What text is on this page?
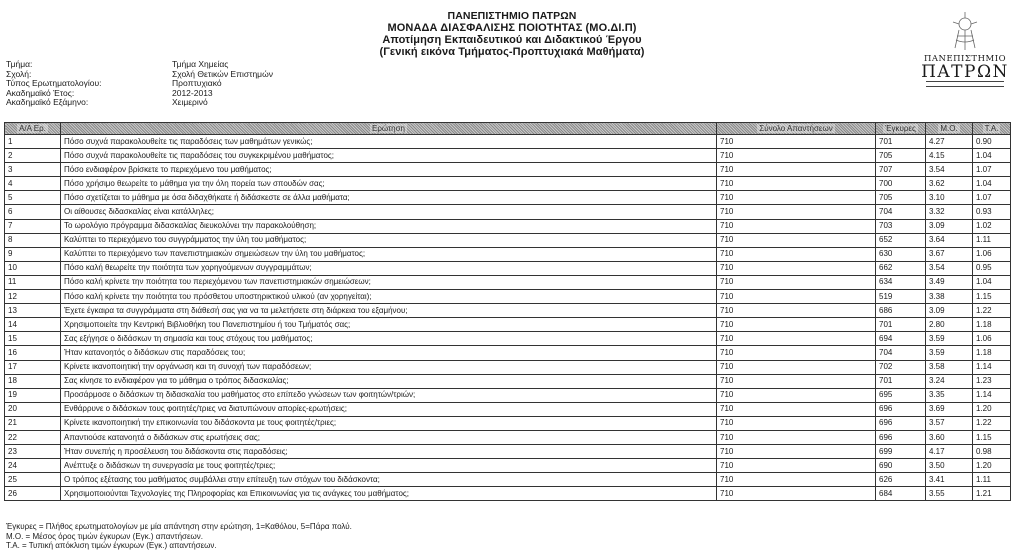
ΠΑΝΕΠΙΣΤΗΜΙΟ ΠΑΤΡΩΝ
ΜΟΝΑΔΑ ΔΙΑΣΦΑΛΙΣΗΣ ΠΟΙΟΤΗΤΑΣ (ΜΟ.ΔΙ.Π)
Αποτίμηση Εκπαιδευτικού και Διδακτικού Έργου
(Γενική εικόνα Τμήματος-Προπτυχιακά Μαθήματα)
ΠΑΝΕΠΙΣΤΗΜΙΟ
ΠΑΤΡΩΝ
Τμήμα:	Τμήμα Χημείας
Σχολή:	Σχολή Θετικών Επιστημών
Τύπος Ερωτηματολογίου:	Προπτυχιακό
Ακαδημαϊκό Έτος:	2012-2013
Ακαδημαϊκό Εξάμηνο:	Χειμερινό
Α/Α Ερ.	Ερώτηση	Σύνολο Απαντήσεων	Έγκυρες	Μ.Ο.	Τ.Α.
1	Πόσο συχνά παρακολουθείτε τις παραδόσεις των μαθημάτων γενικώς;	710	701	4.27	0.90
2	Πόσο συχνά παρακολουθείτε τις παραδόσεις του συγκεκριμένου μαθήματος;	710	705	4.15	1.04
3	Πόσο ενδιαφέρον βρίσκετε το περιεχόμενο του μαθήματος;	710	707	3.54	1.07
4	Πόσο χρήσιμο θεωρείτε το μάθημα για την όλη πορεία των σπουδών σας;	710	700	3.62	1.04
5	Πόσο σχετίζεται το μάθημα με όσα διδαχθήκατε ή διδάσκεστε σε άλλα μαθήματα;	710	705	3.10	1.07
6	Οι αίθουσες διδασκαλίας είναι κατάλληλες;	710	704	3.32	0.93
7	Το ωρολόγιο πρόγραμμα διδασκαλίας διευκολύνει την παρακολούθηση;	710	703	3.09	1.02
8	Καλύπτει το περιεχόμενο του συγγράμματος την ύλη του μαθήματος;	710	652	3.64	1.11
9	Καλύπτει το περιεχόμενο των πανεπιστημιακών σημειώσεων την ύλη του μαθήματος;	710	630	3.67	1.06
10	Πόσο καλή θεωρείτε την ποιότητα των χορηγούμενων συγγραμμάτων;	710	662	3.54	0.95
11	Πόσο καλή κρίνετε την ποιότητα του περιεχόμενου των πανεπιστημιακών σημειώσεων;	710	634	3.49	1.04
12	Πόσο καλή κρίνετε την ποιότητα του πρόσθετου υποστηρικτικού υλικού (αν χορηγείται);	710	519	3.38	1.15
13	Έχετε έγκαιρα τα συγγράμματα στη διάθεσή σας για να τα μελετήσετε στη διάρκεια του εξαμήνου;	710	686	3.09	1.22
14	Χρησιμοποιείτε την Κεντρική Βιβλιοθήκη του Πανεπιστημίου ή του Τμήματός σας;	710	701	2.80	1.18
15	Σας εξήγησε ο διδάσκων τη σημασία και τους στόχους του μαθήματος;	710	694	3.59	1.06
16	Ήταν κατανοητός ο διδάσκων στις παραδόσεις του;	710	704	3.59	1.18
17	Κρίνετε ικανοποιητική την οργάνωση και τη συνοχή των παραδόσεων;	710	702	3.58	1.14
18	Σας κίνησε το ενδιαφέρον για το μάθημα ο τρόπος διδασκαλίας;	710	701	3.24	1.23
19	Προσάρμοσε ο διδάσκων τη διδασκαλία του μαθήματος στο επίπεδο γνώσεων των φοιτητών/τριών;	710	695	3.35	1.14
20	Ενθάρρυνε ο διδάσκων τους φοιτητές/τριες να διατυπώνουν απορίες-ερωτήσεις;	710	696	3.69	1.20
21	Κρίνετε ικανοποιητική την επικοινωνία του διδάσκοντα με τους φοιτητές/τριες;	710	696	3.57	1.22
22	Απαντιούσε κατανοητά ο διδάσκων στις ερωτήσεις σας;	710	696	3.60	1.15
23	Ήταν συνεπής η προσέλευση του διδάσκοντα στις παραδόσεις;	710	699	4.17	0.98
24	Ανέπτυξε ο διδάσκων τη συνεργασία με τους φοιτητές/τριες;	710	690	3.50	1.20
25	Ο τρόπος εξέτασης του μαθήματος συμβάλλει στην επίτευξη των στόχων του διδάσκοντα;	710	626	3.41	1.11
26	Χρησιμοποιούνται Τεχνολογίες της Πληροφορίας και Επικοινωνίας για τις ανάγκες του μαθήματος;	710	684	3.55	1.21
Έγκυρες = Πλήθος ερωτηματολογίων με μία απάντηση στην ερώτηση, 1=Καθόλου, 5=Πάρα πολύ.
Μ.Ο. = Μέσος όρος τιμών έγκυρων (Εγκ.) απαντήσεων.
Τ.Α. = Τυπική απόκλιση τιμών έγκυρων (Εγκ.) απαντήσεων.
